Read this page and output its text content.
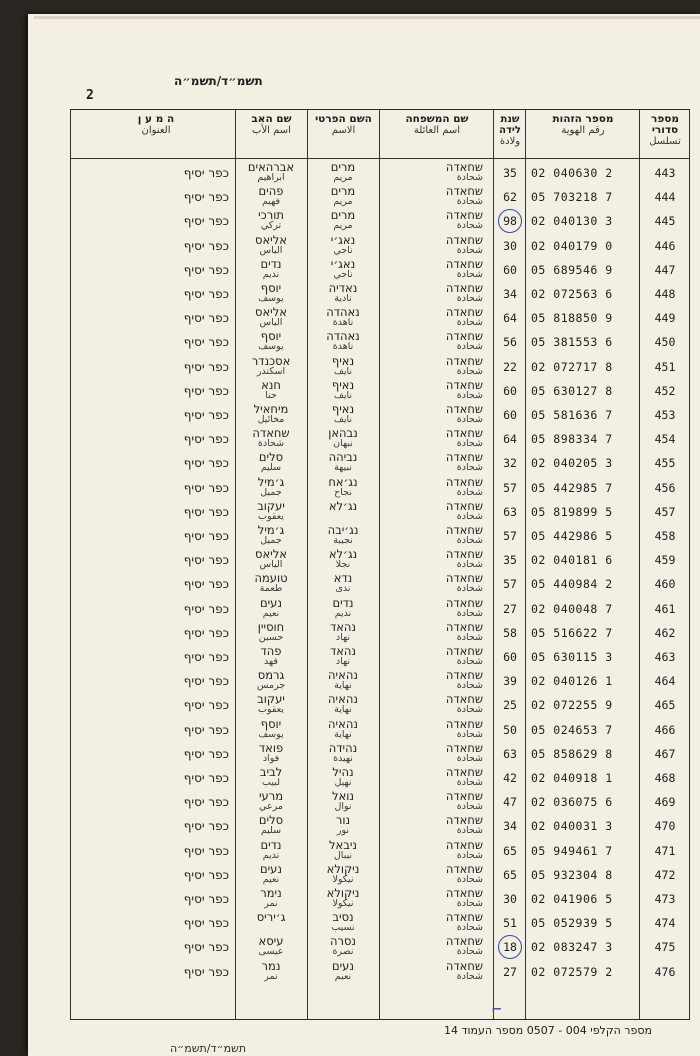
תשמ״ד/תשמ״ה
2
מספר סדורי
تسلسل
מספר הזהות
رقم الهوية
שנת לידה
ولادة
שם המשפחה
اسم العائلة
השם הפרטי
الاسم
שם האב
اسم الأب
ה מ ע ן
العنوان
443
02 040630 2
35
שחאדה
شحادة
מרים
مريم
אברהאים
ابراهيم
כפר יסיף
444
05 703218 7
62
שחאדה
شحادة
מרים
مريم
פהים
فهيم
כפר יסיף
445
02 040130 3
98
שחאדה
شحادة
מרים
مريم
תורכי
تركي
כפר יסיף
446
02 040179 0
30
שחאדה
شحادة
נאג׳י
ناجي
אליאס
الياس
כפר יסיף
447
05 689546 9
60
שחאדה
شحادة
נאג׳י
ناجي
נדים
نديم
כפר יסיף
448
02 072563 6
34
שחאדה
شحادة
נאדיה
نادية
יוסף
يوسف
כפר יסיף
449
05 818850 9
64
שחאדה
شحادة
נאהדה
ناهدة
אליאס
الياس
כפר יסיף
450
05 381553 6
56
שחאדה
شحادة
נאהדה
ناهدة
יוסף
يوسف
כפר יסיף
451
02 072717 8
22
שחאדה
شحادة
נאיף
نايف
אסכנדר
اسكندر
כפר יסיף
452
05 630127 8
60
שחאדה
شحادة
נאיף
نايف
חנא
حنا
כפר יסיף
453
05 581636 7
60
שחאדה
شحادة
נאיף
نايف
מיחאיל
مخائيل
כפר יסיף
454
05 898334 7
64
שחאדה
شحادة
נבהאן
نبهان
שחאדה
شحادة
כפר יסיף
455
02 040205 3
32
שחאדה
شحادة
נביהה
نبيهة
סלים
سليم
כפר יסיף
456
05 442985 7
57
שחאדה
شحادة
נג׳אח
نجاح
ג׳מיל
جميل
כפר יסיף
457
05 819899 5
63
שחאדה
شحادة
נג׳לא
יעקוב
يعقوب
כפר יסיף
458
05 442986 5
57
שחאדה
شحادة
נג׳יבה
نجيبة
ג׳מיל
جميل
כפר יסיף
459
02 040181 6
35
שחאדה
شحادة
נג׳לא
نجلا
אליאס
الياس
כפר יסיף
460
05 440984 2
57
שחאדה
شحادة
נדא
ندى
טועמה
طعمة
כפר יסיף
461
02 040048 7
27
שחאדה
شحادة
נדים
نديم
נעים
نعيم
כפר יסיף
462
05 516622 7
58
שחאדה
شحادة
נהאד
نهاد
חוסיין
حسين
כפר יסיף
463
05 630115 3
60
שחאדה
شحادة
נהאד
نهاد
פהד
فهد
כפר יסיף
464
02 040126 1
39
שחאדה
شحادة
נהאיה
نهاية
גרמס
جرمس
כפר יסיף
465
02 072255 9
25
שחאדה
شحادة
נהאיה
نهاية
יעקוב
يعقوب
כפר יסיף
466
05 024653 7
50
שחאדה
شحادة
נהאיה
نهاية
יוסף
يوسف
כפר יסיף
467
05 858629 8
63
שחאדה
شحادة
נהידה
نهيدة
פואד
فواد
כפר יסיף
468
02 040918 1
42
שחאדה
شحادة
נהיל
نهيل
לביב
لبيب
כפר יסיף
469
02 036075 6
47
שחאדה
شحادة
נואל
نوال
מרעי
مرعي
כפר יסיף
470
02 040031 3
34
שחאדה
شحادة
נור
نور
סלים
سليم
כפר יסיף
471
05 949461 7
65
שחאדה
شحادة
ניבאל
نيبال
נדים
نديم
כפר יסיף
472
05 932304 8
65
שחאדה
شحادة
ניקולא
نيكولا
נעים
نعيم
כפר יסיף
473
02 041906 5
30
שחאדה
شحادة
ניקולא
نيكولا
נימר
نمر
כפר יסיף
474
05 052939 5
51
שחאדה
شحادة
נסיב
نسيب
ג׳יריס
כפר יסיף
475
02 083247 3
18
שחאדה
شحادة
נסרה
نصرة
עיסא
عيسى
כפר יסיף
476
02 072579 2
27
שחאדה
شحادة
נעים
نعيم
נמר
نمر
כפר יסיף
מספר הקלפי 004 - 0507 מספר העמוד 14
תשמ״ד/תשמ״ה
⌐
